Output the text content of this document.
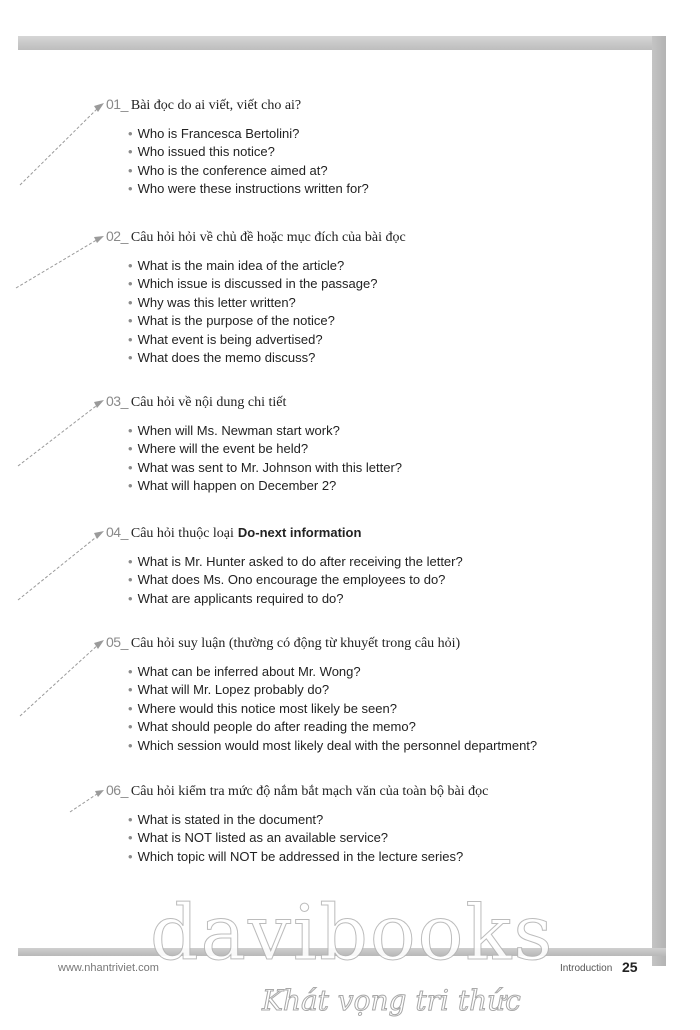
01_ Bài đọc do ai viết, viết cho ai?
• Who is Francesca Bertolini?
• Who issued this notice?
• Who is the conference aimed at?
• Who were these instructions written for?
02_ Câu hỏi hỏi về chủ đề hoặc mục đích của bài đọc
• What is the main idea of the article?
• Which issue is discussed in the passage?
• Why was this letter written?
• What is the purpose of the notice?
• What event is being advertised?
• What does the memo discuss?
03_ Câu hỏi về nội dung chi tiết
• When will Ms. Newman start work?
• Where will the event be held?
• What was sent to Mr. Johnson with this letter?
• What will happen on December 2?
04_ Câu hỏi thuộc loại Do-next information
• What is Mr. Hunter asked to do after receiving the letter?
• What does Ms. Ono encourage the employees to do?
• What are applicants required to do?
05_ Câu hỏi suy luận (thường có động từ khuyết trong câu hỏi)
• What can be inferred about Mr. Wong?
• What will Mr. Lopez probably do?
• Where would this notice most likely be seen?
• What should people do after reading the memo?
• Which session would most likely deal with the personnel department?
06_ Câu hỏi kiểm tra mức độ nắm bắt mạch văn của toàn bộ bài đọc
• What is stated in the document?
• What is NOT listed as an available service?
• Which topic will NOT be addressed in the lecture series?
davibooks
Khát vọng tri thức
www.nhantriviet.com	Introduction 25
